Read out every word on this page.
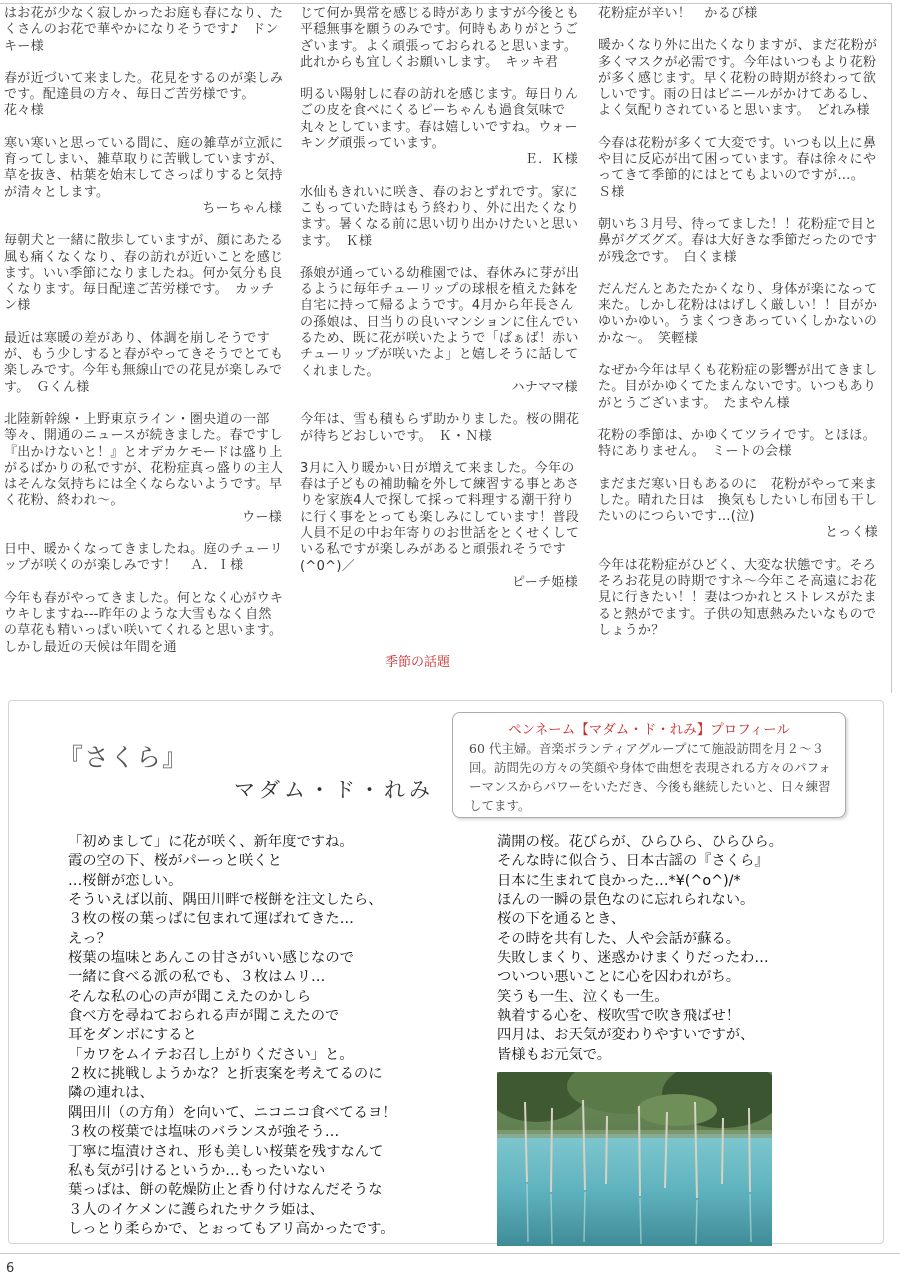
はお花が少なく寂しかったお庭も春になり、たくさんのお花で華やかになりそうです♪　ドンキー様
春が近づいて来ました。花見をするのが楽しみです。配達員の方々、毎日ご苦労様です。　花々様
寒い寒いと思っている間に、庭の雑草が立派に育ってしまい、雑草取りに苦戦していますが、草を抜き、枯葉を始末してさっぱりすると気持が清々とします。
ちーちゃん様
毎朝犬と一緒に散歩していますが、顔にあたる風も痛くなくなり、春の訪れが近いことを感じます。いい季節になりましたね。何か気分も良くなります。毎日配達ご苦労様です。　カッチン様
最近は寒暖の差があり、体調を崩しそうですが、もう少しすると春がやってきそうでとても楽しみです。今年も無線山での花見が楽しみです。　Ｇくん様
北陸新幹線・上野東京ライン・圏央道の一部等々、開通のニュースが続きました。春ですし『出かけないと！』とオデカケモードは盛り上がるばかりの私ですが、花粉症真っ盛りの主人はそんな気持ちには全くならないようです。早く花粉、終われ～。
ウー様
日中、暖かくなってきましたね。庭のチューリップが咲くのが楽しみです！　Ａ．Ｉ様
今年も春がやってきました。何となく心がウキウキしますね---昨年のような大雪もなく自然の草花も精いっぱい咲いてくれると思います。しかし最近の天候は年間を通
じて何か異常を感じる時がありますが今後とも平穏無事を願うのみです。何時もありがとうございます。よく頑張っておられると思います。此れからも宜しくお願いします。　キッキ君
明るい陽射しに春の訪れを感じます。毎日りんごの皮を食べにくるピーちゃんも過食気味で丸々としています。春は嬉しいですね。ウォーキング頑張っています。
Ｅ．Ｋ様
水仙もきれいに咲き、春のおとずれです。家にこもっていた時はもう終わり、外に出たくなります。暑くなる前に思い切り出かけたいと思います。　Ｋ様
孫娘が通っている幼稚園では、春休みに芽が出るように毎年チューリップの球根を植えた鉢を自宅に持って帰るようです。4月から年長さんの孫娘は、日当りの良いマンションに住んでいるため、既に花が咲いたようで「ばぁば！赤いチューリップが咲いたよ」と嬉しそうに話してくれました。
ハナママ様
今年は、雪も積もらず助かりました。桜の開花が待ちどおしいです。　Ｋ・Ｎ様
3月に入り暖かい日が増えて来ました。今年の春は子どもの補助輪を外して練習する事とあさりを家族4人で探して採って料理する潮干狩りに行く事をとっても楽しみにしています！普段人員不足の中お年寄りのお世話をとくせくしている私ですが楽しみがあると頑張れそうです(^0^)／
ピーチ姫様
花粉症が辛い！　かるび様
暖かくなり外に出たくなりますが、まだ花粉が多くマスクが必需です。今年はいつもより花粉が多く感じます。早く花粉の時期が終わって欲しいです。雨の日はビニールがかけてあるし、よく気配りされていると思います。　どれみ様
今春は花粉が多くて大変です。いつも以上に鼻や目に反応が出て困っています。春は徐々にやってきて季節的にはとてもよいのですが…。　Ｓ様
朝いち３月号、待ってました！！花粉症で目と鼻がグズグズ。春は大好きな季節だったのですが残念です。　白くま様
だんだんとあたたかくなり、身体が楽になって来た。しかし花粉ははげしく厳しい！！目がかゆいかゆい。うまくつきあっていくしかないのかな～。　笑輕様
なぜか今年は早くも花粉症の影響が出てきました。目がかゆくてたまんないです。いつもありがとうございます。　たまやん様
花粉の季節は、かゆくてツライです。とほほ。特にありません。　ミートの会様
まだまだ寒い日もあるのに　花粉がやって来ました。晴れた日は　換気もしたいし布団も干したいのにつらいです…(泣)
とっく様
今年は花粉症がひどく、大変な状態です。そろそろお花見の時期ですネ～今年こそ高遠にお花見に行きたい！！妻はつかれとストレスがたまると熱がでます。子供の知恵熱みたいなものでしょうか？
季節の話題
『さくら』
マダム・ド・れみ
ペンネーム【マダム・ド・れみ】プロフィール
60 代主婦。音楽ボランティアグループにて施設訪問を月２～３回。訪問先の方々の笑顔や身体で曲想を表現される方々のパフォーマンスからパワーをいただき、今後も継続したいと、日々練習してます。
「初めまして」に花が咲く、新年度ですね。
霞の空の下、桜がパーっと咲くと
…桜餅が恋しい。
そういえば以前、隅田川畔で桜餅を注文したら、
３枚の桜の葉っぱに包まれて運ばれてきた…
えっ？
桜葉の塩味とあんこの甘さがいい感じなので
一緒に食べる派の私でも、３枚はムリ…
そんな私の心の声が聞こえたのかしら
食べ方を尋ねておられる声が聞こえたので
耳をダンボにすると
「カワをムイテお召し上がりください」と。
２枚に挑戦しようかな？と折衷案を考えてるのに
隣の連れは、
隅田川（の方角）を向いて、ニコニコ食べてるヨ！
３枚の桜葉では塩味のバランスが強そう…
丁寧に塩漬けされ、形も美しい桜葉を残すなんて
私も気が引けるというか…もったいない
葉っぱは、餅の乾燥防止と香り付けなんだそうな
３人のイケメンに護られたサクラ姫は、
しっとり柔らかで、とぉってもアリ高かったです。
満開の桜。花びらが、ひらひら、ひらひら。
そんな時に似合う、日本古謡の『さくら』
日本に生まれて良かった…*¥(^o^)/*
ほんの一瞬の景色なのに忘れられない。
桜の下を通るとき、
その時を共有した、人や会話が蘇る。
失敗しまくり、迷惑かけまくりだったわ…
ついつい悪いことに心を囚われがち。
笑うも一生、泣くも一生。
執着する心を、桜吹雪で吹き飛ばせ！
四月は、お天気が変わりやすいですが、
皆様もお元気で。
6
